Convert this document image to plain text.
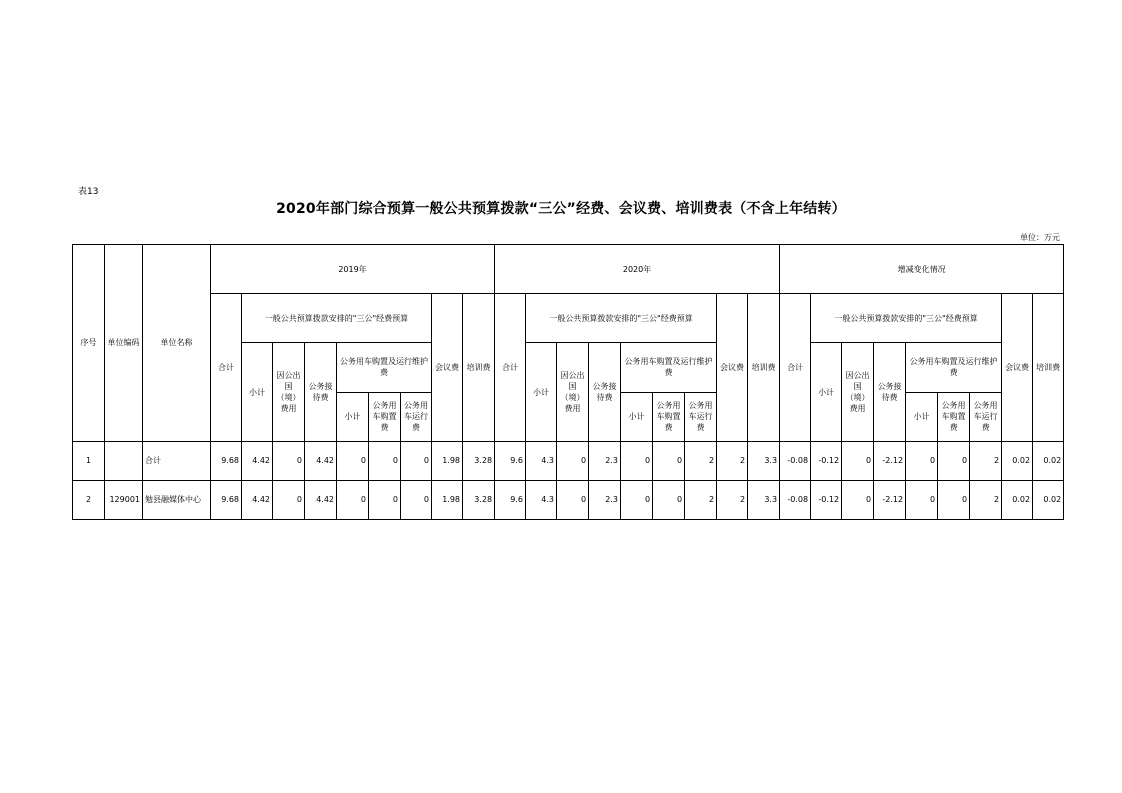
表13
2020年部门综合预算一般公共预算拨款“三公”经费、会议费、培训费表（不含上年结转）
单位：万元
序号	单位编码	单位名称	2019年									2020年									增减变化情况								
			合计	一般公共预算拨款安排的"三公"经费预算						会议费	培训费	合计	一般公共预算拨款安排的"三公"经费预算						会议费	培训费	合计	一般公共预算拨款安排的"三公"经费预算						会议费	培训费
				小计	因公出国（境）费用	公务接待费	公务用车购置及运行维护费						小计	因公出国（境）费用	公务接待费	公务用车购置及运行维护费						小计	因公出国（境）费用	公务接待费	公务用车购置及运行维护费				
							小计	公务用车购置费	公务用车运行费							小计	公务用车购置费	公务用车运行费							小计	公务用车购置费	公务用车运行费		
1		合计	9.68	4.42	0	4.42	0	0	0	1.98	3.28	9.6	4.3	0	2.3	0	0	2	2	3.3	-0.08	-0.12	0	-2.12	0	0	2	0.02	0.02
2	129001	勉县融媒体中心	9.68	4.42	0	4.42	0	0	0	1.98	3.28	9.6	4.3	0	2.3	0	0	2	2	3.3	-0.08	-0.12	0	-2.12	0	0	2	0.02	0.02
